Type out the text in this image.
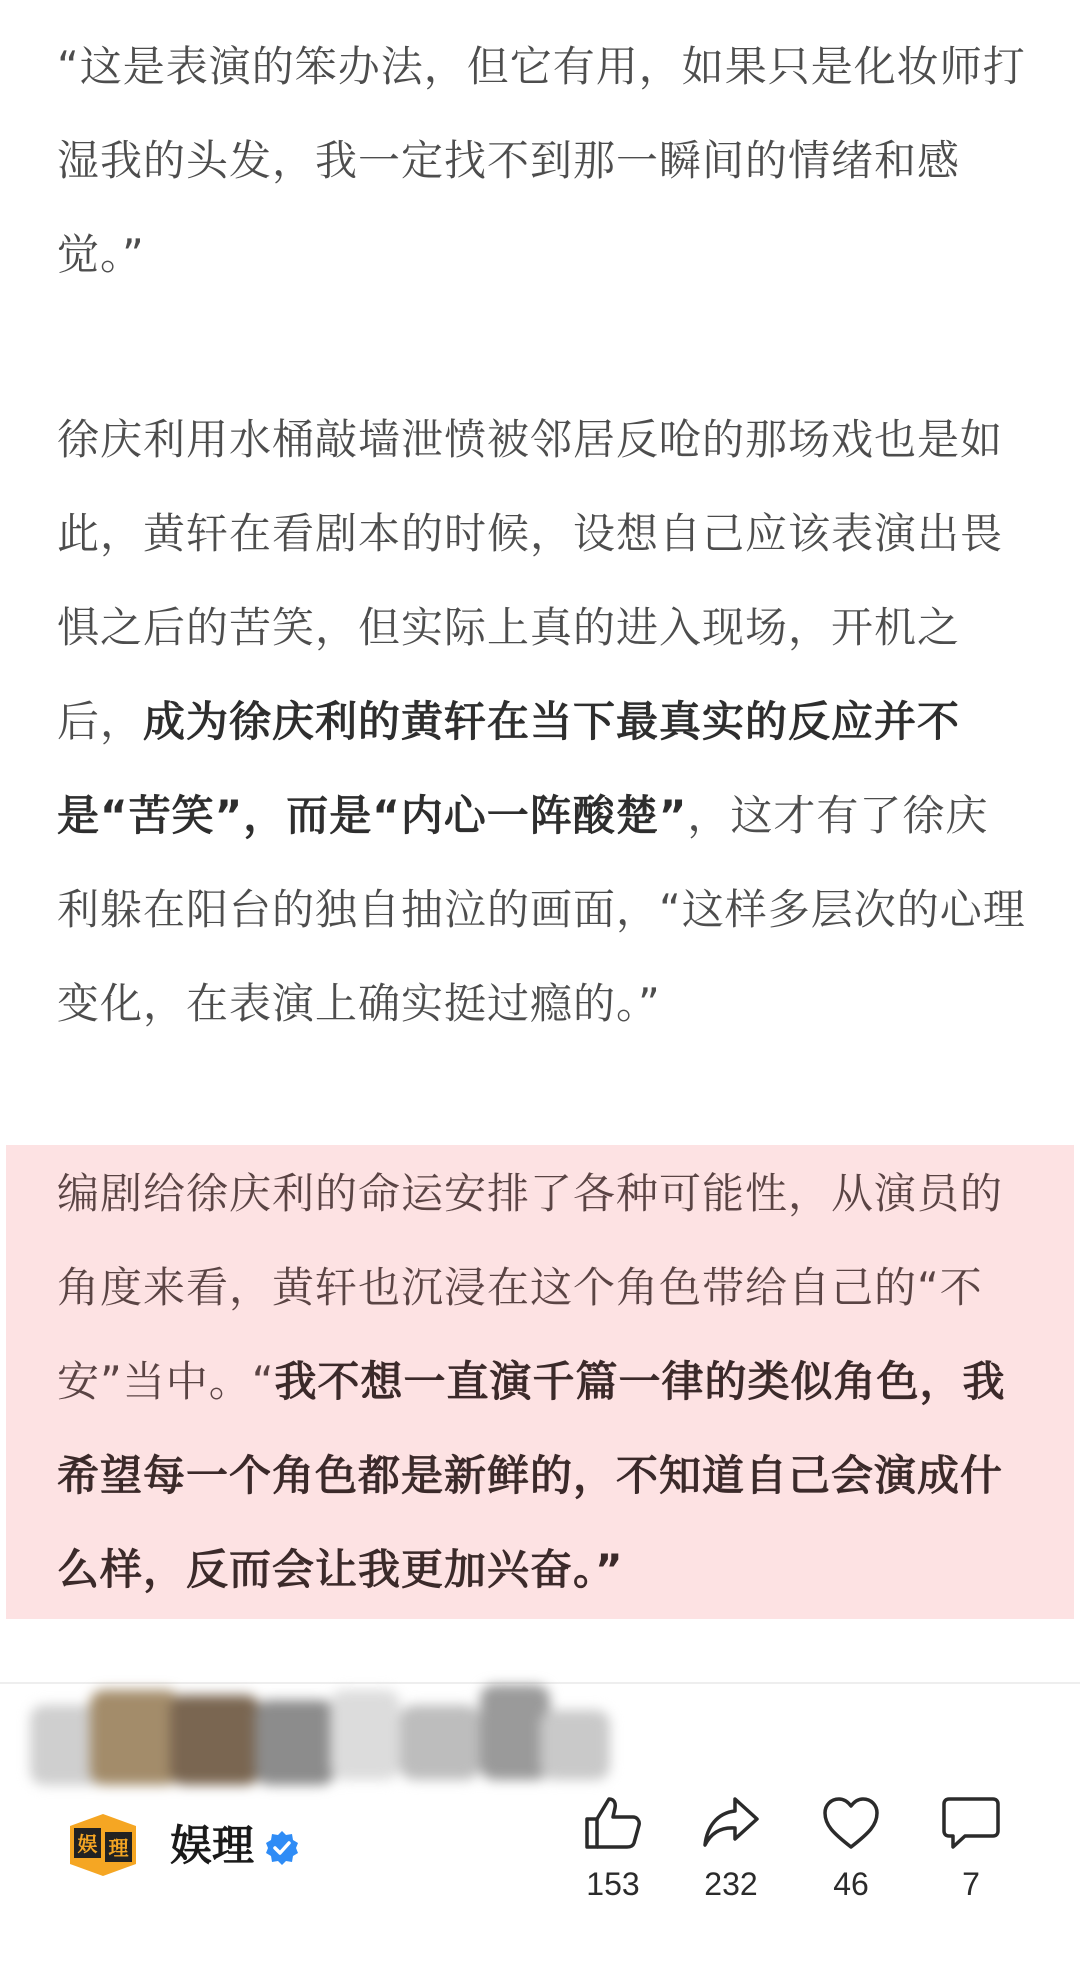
“这是表演的笨办法，但它有用，如果只是化妆师打湿我的头发，我一定找不到那一瞬间的情绪和感觉。”

徐庆利用水桶敲墙泄愤被邻居反呛的那场戏也是如此，黄轩在看剧本的时候，设想自己应该表演出畏惧之后的苦笑，但实际上真的进入现场，开机之后，成为徐庆利的黄轩在当下最真实的反应并不是“苦笑”，而是“内心一阵酸楚”，这才有了徐庆利躲在阳台的独自抽泣的画面，“这样多层次的心理变化，在表演上确实挺过瘾的。”

编剧给徐庆利的命运安排了各种可能性，从演员的角度来看，黄轩也沉浸在这个角色带给自己的“不安”当中。“我不想一直演千篇一律的类似角色，我希望每一个角色都是新鲜的，不知道自己会演成什么样，反而会让我更加兴奋。”

娱 理 娱理
153	232	46	7
